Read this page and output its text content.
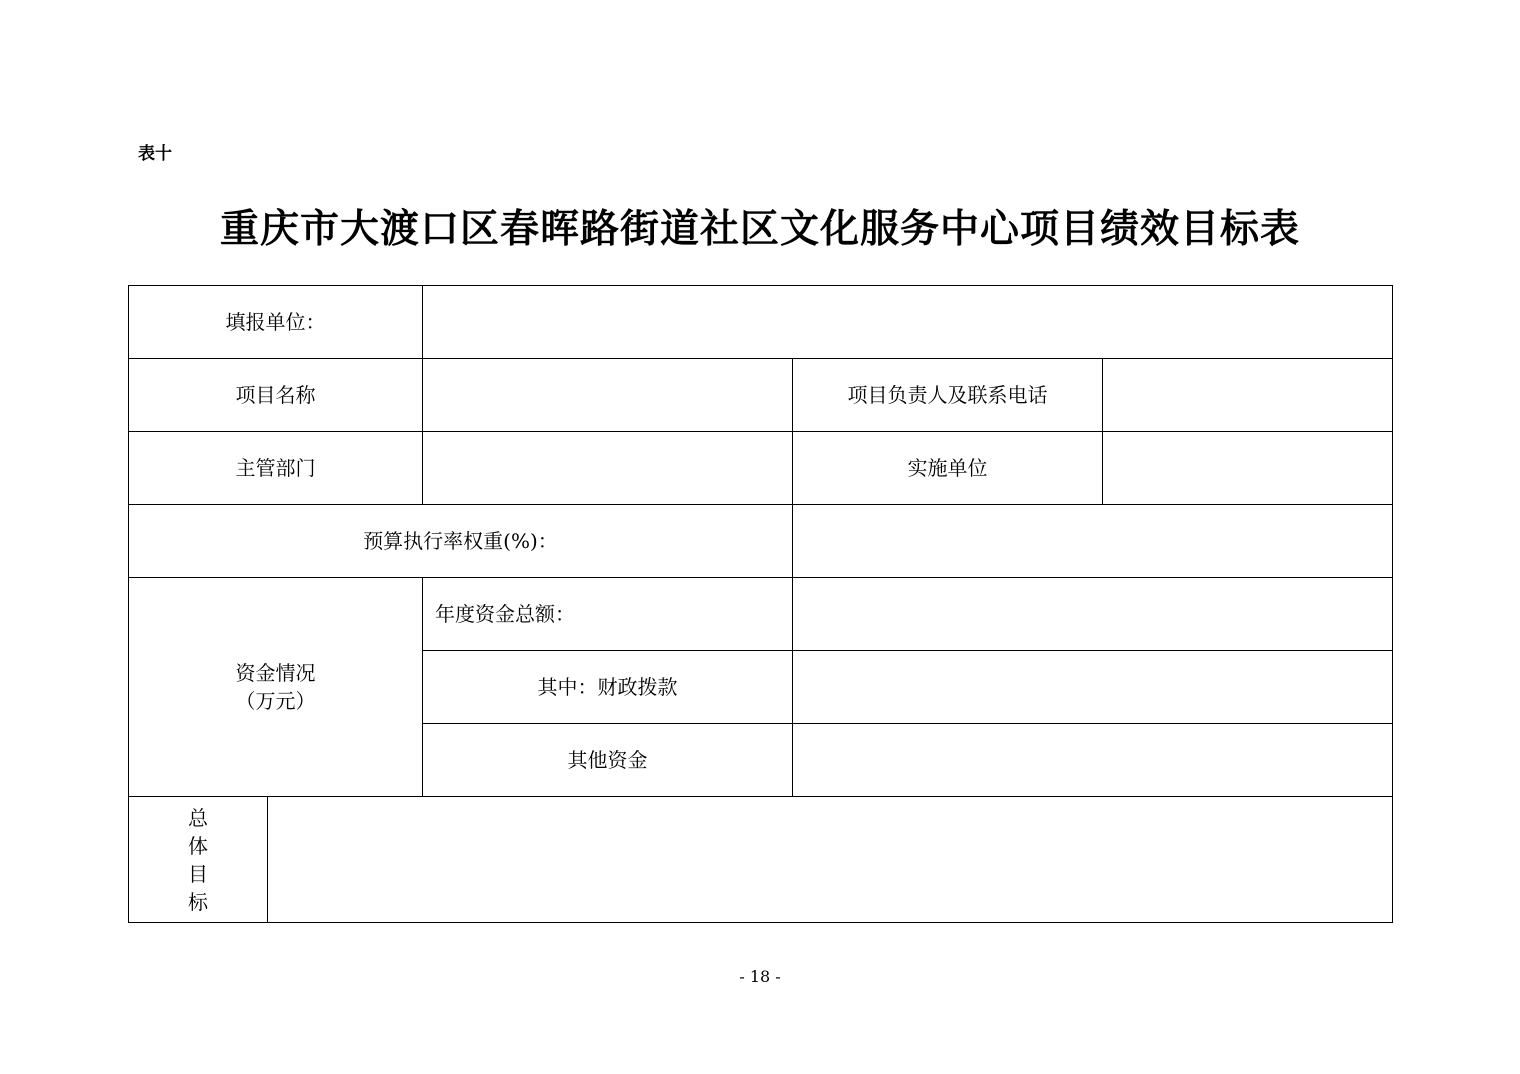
表十
重庆市大渡口区春晖路街道社区文化服务中心项目绩效目标表
填报单位：
项目名称	项目负责人及联系电话
主管部门	实施单位
预算执行率权重(%)：
资金情况
（万元）
年度资金总额：
其中：财政拨款
其他资金
总
体
目
标
- 18 -
